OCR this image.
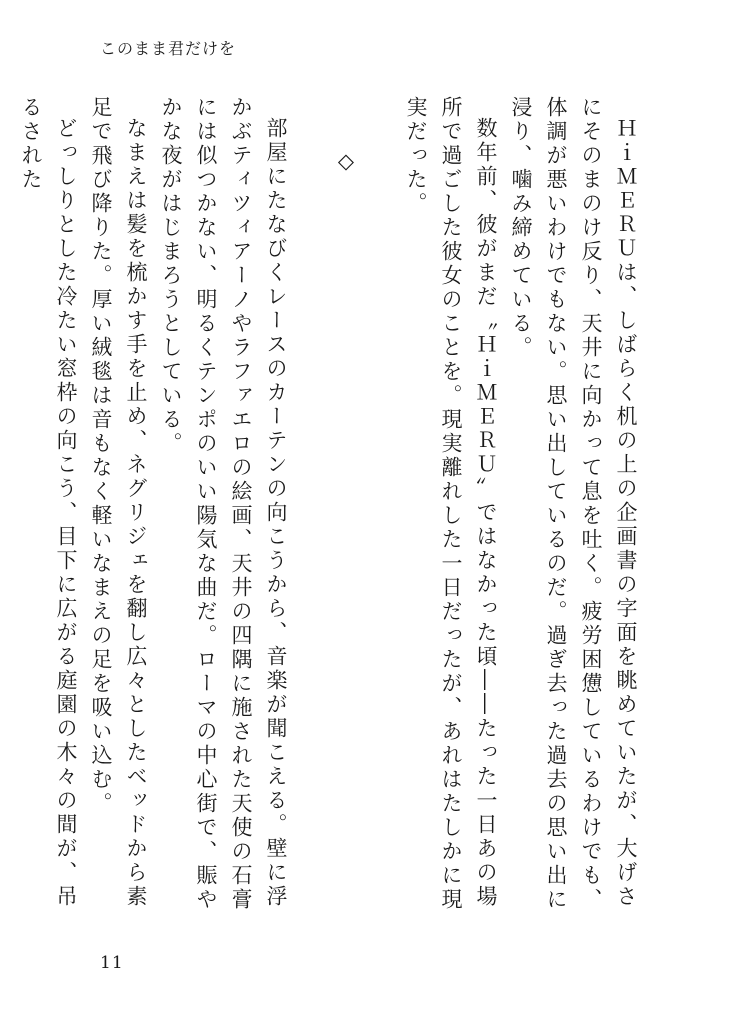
このまま君だけを

ＨｉＭＥＲＵは、しばらく机の上の企画書の字面を眺めていたが、大げさにそのまのけ反り、天井に向かって息を吐く。疲労困憊しているわけでも、体調が悪いわけでもない。思い出しているのだ。過ぎ去った過去の思い出に浸り、噛み締めている。

数年前、彼がまだ〝ＨｉＭＥＲＵ〟ではなかった頃――たった一日あの場所で過ごした彼女のことを。現実離れした一日だったが、あれはたしかに現実だった。

◇

部屋にたなびくレースのカーテンの向こうから、音楽が聞こえる。壁に浮かぶティツィアーノやラファエロの絵画、天井の四隅に施された天使の石膏には似つかない、明るくテンポのいい陽気な曲だ。ローマの中心街で、賑やかな夜がはじまろうとしている。

なまえは髪を梳かす手を止め、ネグリジェを翻し広々としたベッドから素足で飛び降りた。厚い絨毯は音もなく軽いなまえの足を吸い込む。

どっしりとした冷たい窓枠の向こう、目下に広がる庭園の木々の間が、吊るされた

11
